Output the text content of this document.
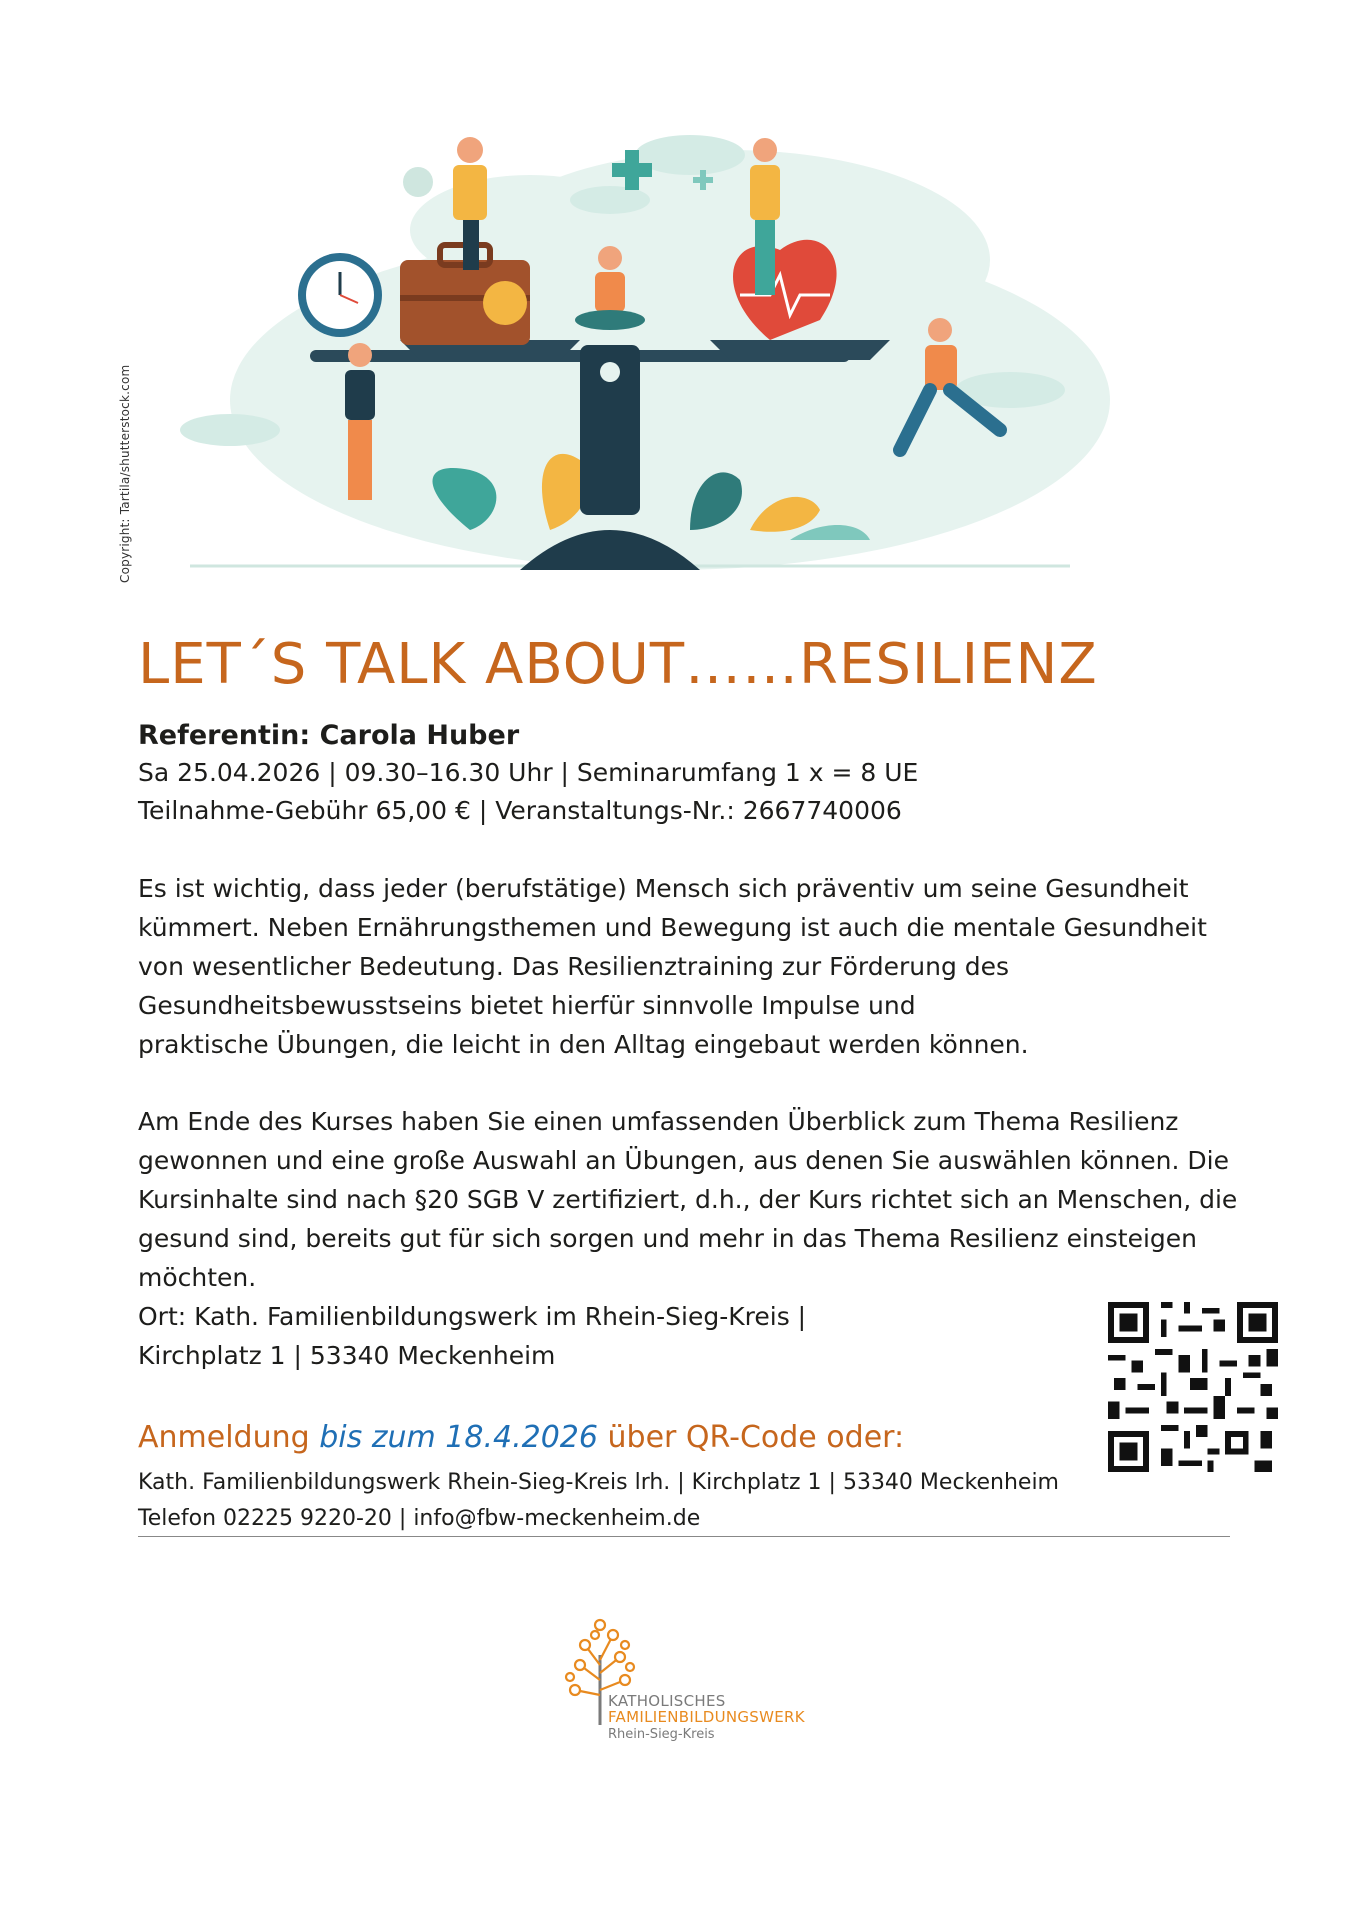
Copyright: Tartila/shutterstock.com
LET´S TALK ABOUT……RESILIENZ
Referentin: Carola Huber
Sa 25.04.2026 | 09.30–16.30 Uhr | Seminarumfang 1 x = 8 UE
Teilnahme-Gebühr 65,00 € | Veranstaltungs-Nr.: 2667740006
Es ist wichtig, dass jeder (berufstätige) Mensch sich präventiv um seine Gesundheit
kümmert. Neben Ernährungsthemen und Bewegung ist auch die mentale Gesundheit
von wesentlicher Bedeutung. Das Resilienztraining zur Förderung des
Gesundheitsbewusstseins bietet hierfür sinnvolle Impulse und
praktische Übungen, die leicht in den Alltag eingebaut werden können.
Am Ende des Kurses haben Sie einen umfassenden Überblick zum Thema Resilienz
gewonnen und eine große Auswahl an Übungen, aus denen Sie auswählen können. Die
Kursinhalte sind nach §20 SGB V zertifiziert, d.h., der Kurs richtet sich an Menschen, die
gesund sind, bereits gut für sich sorgen und mehr in das Thema Resilienz einsteigen
möchten.
Ort: Kath. Familienbildungswerk im Rhein-Sieg-Kreis |
Kirchplatz 1 | 53340 Meckenheim
Anmeldung bis zum 18.4.2026 über QR-Code oder:
Kath. Familienbildungswerk Rhein-Sieg-Kreis lrh. | Kirchplatz 1 | 53340 Meckenheim
Telefon 02225 9220-20 | info@fbw-meckenheim.de
KATHOLISCHES
FAMILIENBILDUNGSWERK
Rhein-Sieg-Kreis
